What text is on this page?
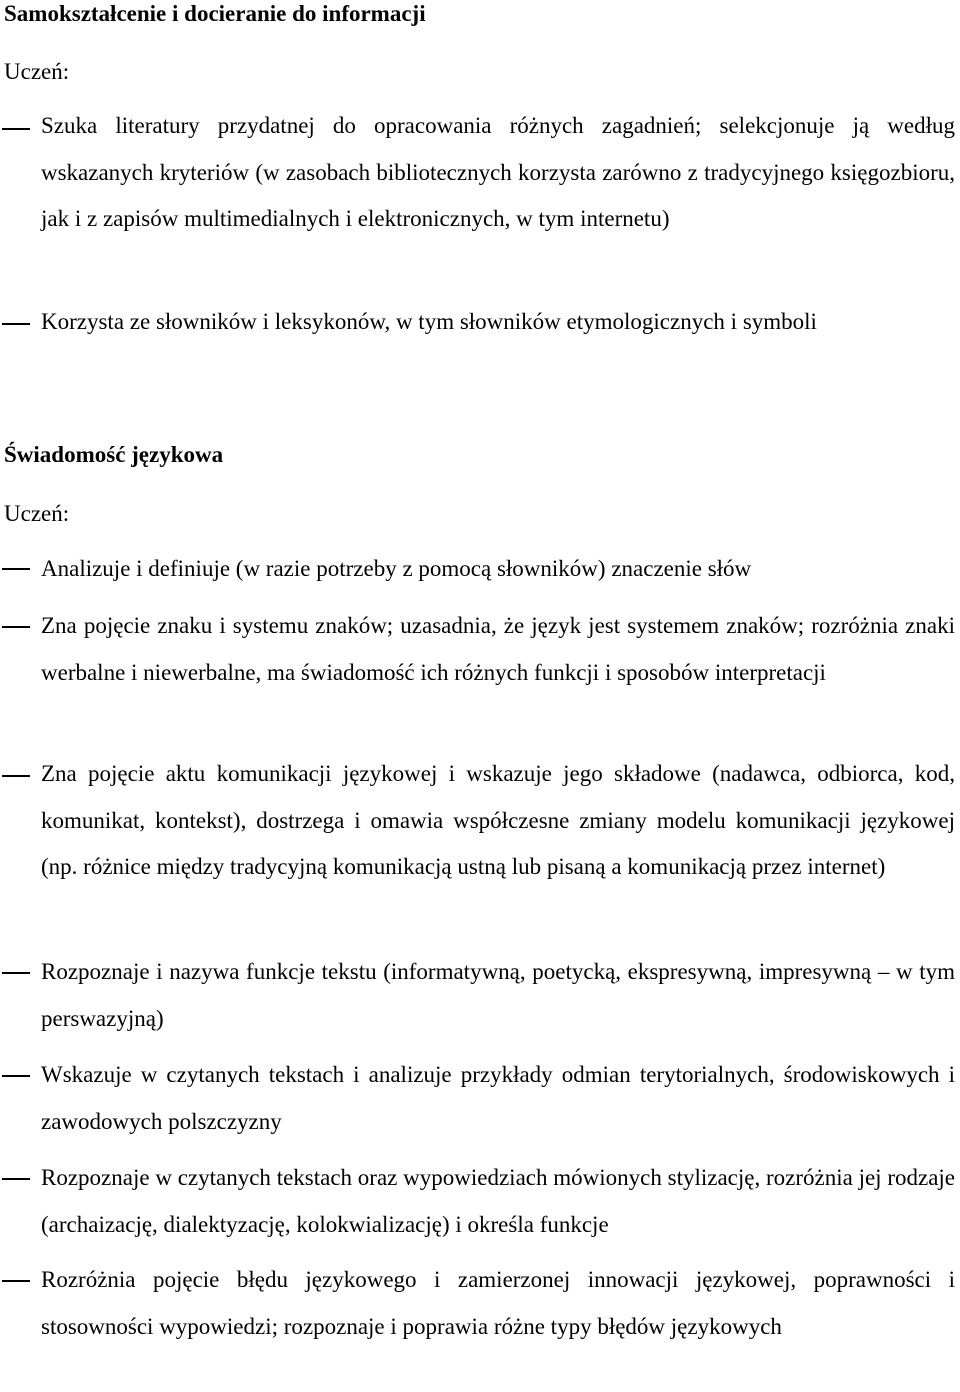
Samokształcenie i docieranie do informacji

Uczeń:

Szuka literatury przydatnej do opracowania różnych zagadnień; selekcjonuje ją według wskazanych kryteriów (w zasobach bibliotecznych korzysta zarówno z tradycyjnego księgozbioru, jak i z zapisów multimedialnych i elektronicznych, w tym internetu)

Korzysta ze słowników i leksykonów, w tym słowników etymologicznych i symboli

Świadomość językowa

Uczeń:

Analizuje i definiuje (w razie potrzeby z pomocą słowników) znaczenie słów

Zna pojęcie znaku i systemu znaków; uzasadnia, że język jest systemem znaków; rozróżnia znaki werbalne i niewerbalne, ma świadomość ich różnych funkcji i sposobów interpretacji

Zna pojęcie aktu komunikacji językowej i wskazuje jego składowe (nadawca, odbiorca, kod, komunikat, kontekst), dostrzega i omawia współczesne zmiany modelu komunikacji językowej (np. różnice między tradycyjną komunikacją ustną lub pisaną a komunikacją przez internet)

Rozpoznaje i nazywa funkcje tekstu (informatywną, poetycką, ekspresywną, impresywną – w tym perswazyjną)

Wskazuje w czytanych tekstach i analizuje przykłady odmian terytorialnych, środowiskowych i zawodowych polszczyzny

Rozpoznaje w czytanych tekstach oraz wypowiedziach mówionych stylizację, rozróżnia jej rodzaje (archaizację, dialektyzację, kolokwializację) i określa funkcje

Rozróżnia pojęcie błędu językowego i zamierzonej innowacji językowej, poprawności i stosowności wypowiedzi; rozpoznaje i poprawia różne typy błędów językowych
